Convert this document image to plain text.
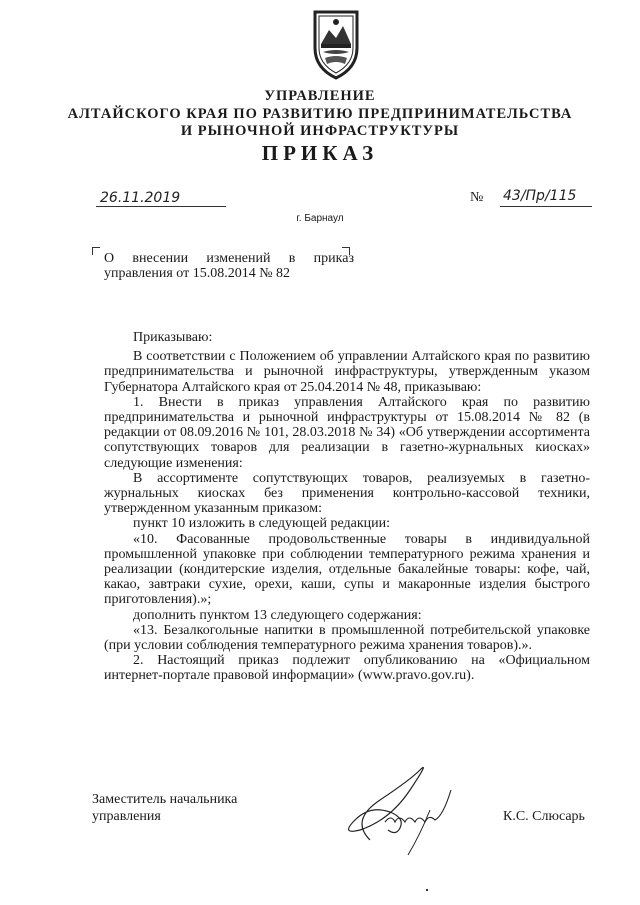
УПРАВЛЕНИЕ
АЛТАЙСКОГО КРАЯ ПО РАЗВИТИЮ ПРЕДПРИНИМАТЕЛЬСТВА
И РЫНОЧНОЙ ИНФРАСТРУКТУРЫ
ПРИКАЗ
26.11.2019	№ 43/Пр/115
г. Барнаул
О внесении изменений в приказ
управления от 15.08.2014 № 82
Приказываю:
В соответствии с Положением об управлении Алтайского края по развитию предпринимательства и рыночной инфраструктуры, утвержденным указом Губернатора Алтайского края от 25.04.2014 № 48, приказываю:
1. Внести в приказ управления Алтайского края по развитию предпринимательства и рыночной инфраструктуры от 15.08.2014 № 82 (в редакции от 08.09.2016 № 101, 28.03.2018 № 34) «Об утверждении ассортимента сопутствующих товаров для реализации в газетно-журнальных киосках» следующие изменения:
В ассортименте сопутствующих товаров, реализуемых в газетно-журнальных киосках без применения контрольно-кассовой техники, утвержденном указанным приказом:
пункт 10 изложить в следующей редакции:
«10. Фасованные продовольственные товары в индивидуальной промышленной упаковке при соблюдении температурного режима хранения и реализации (кондитерские изделия, отдельные бакалейные товары: кофе, чай, какао, завтраки сухие, орехи, каши, супы и макаронные изделия быстрого приготовления).»;
дополнить пунктом 13 следующего содержания:
«13. Безалкогольные напитки в промышленной потребительской упаковке (при условии соблюдения температурного режима хранения товаров).».
2. Настоящий приказ подлежит опубликованию на «Официальном интернет-портале правовой информации» (www.pravo.gov.ru).
Заместитель начальника
управления	К.С. Слюсарь
